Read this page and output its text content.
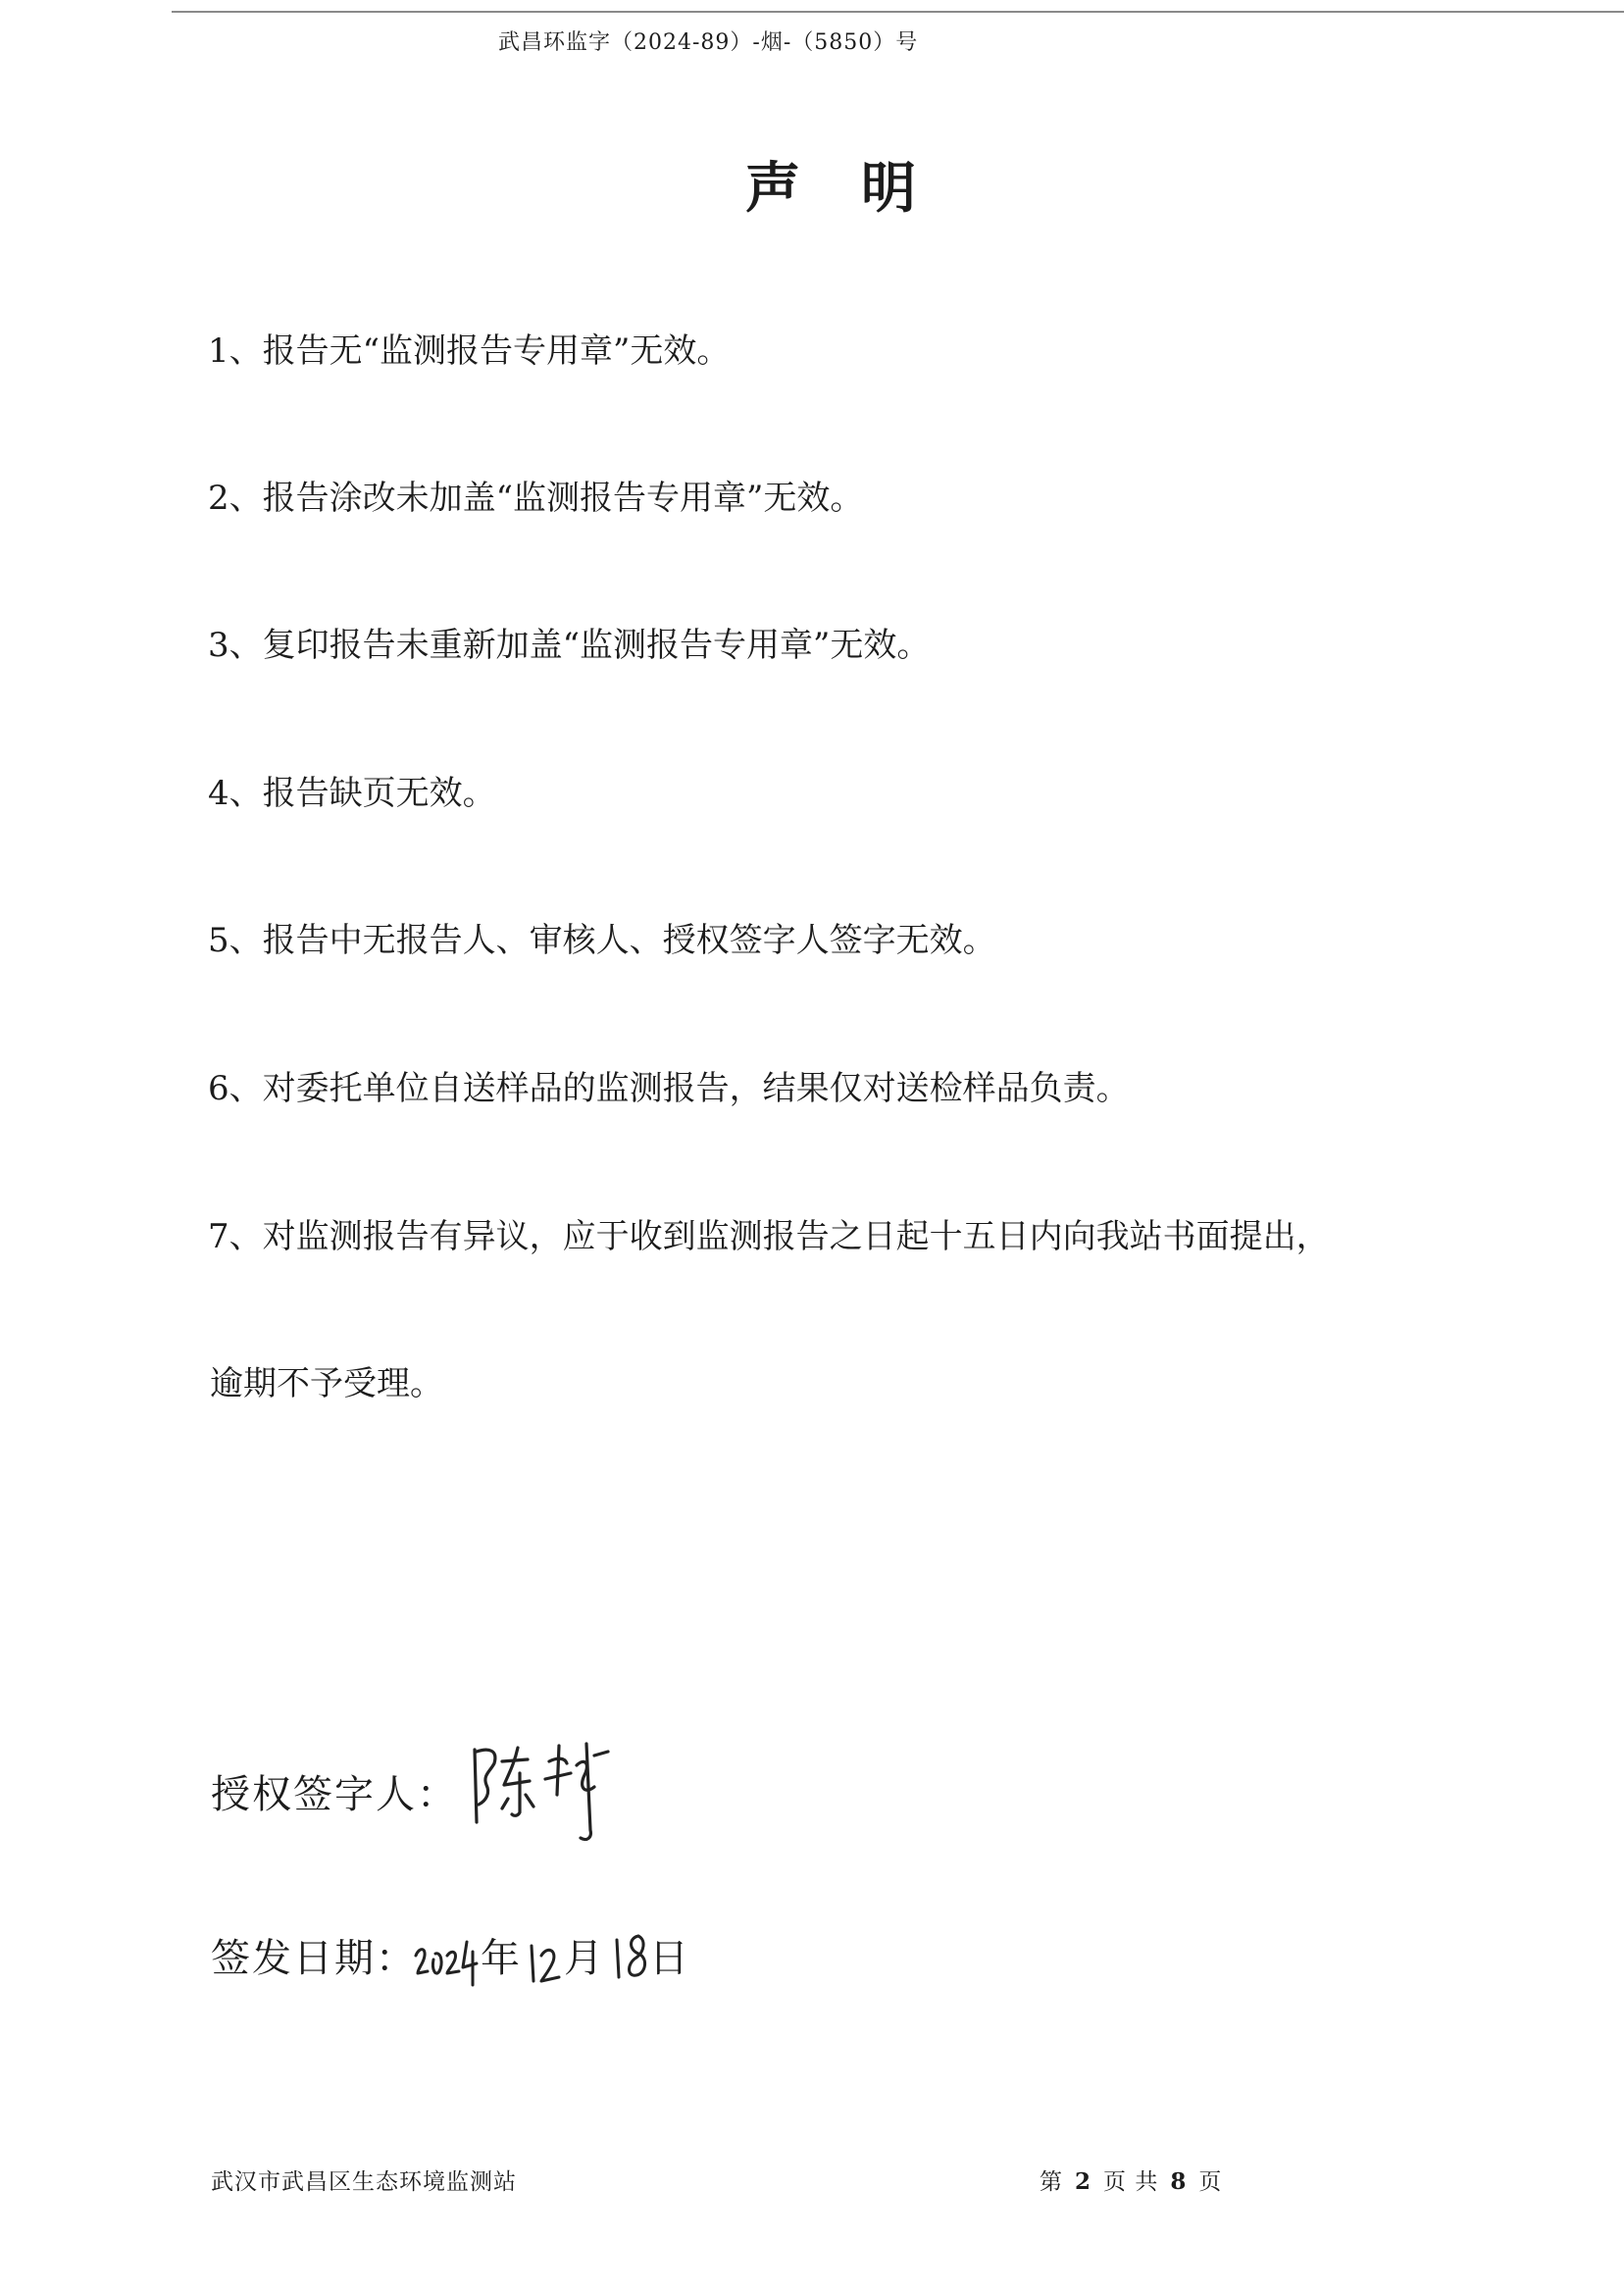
武昌环监字（2024-89）-烟-（5850）号
声明
1、报告无“监测报告专用章”无效。
2、报告涂改未加盖“监测报告专用章”无效。
3、复印报告未重新加盖“监测报告专用章”无效。
4、报告缺页无效。
5、报告中无报告人、审核人、授权签字人签字无效。
6、对委托单位自送样品的监测报告，结果仅对送检样品负责。
7、对监测报告有异议，应于收到监测报告之日起十五日内向我站书面提出，
逾期不予受理。
授权签字人：
签发日期： 年 月 日
武汉市武昌区生态环境监测站	第 2 页 共 8 页
